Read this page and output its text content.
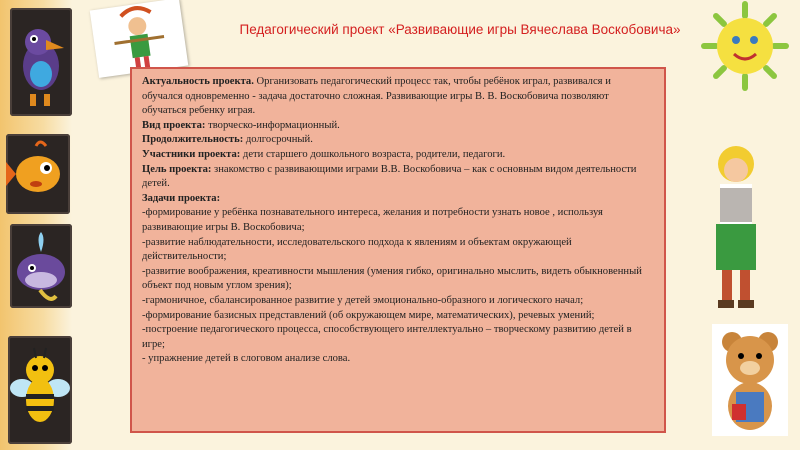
Педагогический проект «Развивающие игры Вячеслава Воскобовича»

Актуальность проекта. Организовать педагогический процесс так, чтобы ребёнок играл, развивался и обучался одновременно - задача достаточно сложная. Развивающие игры В. В. Воскобовича позволяют обучаться ребенку играя.

Вид проекта: творческо-информационный.

Продолжительность: долгосрочный.

Участники проекта: дети старшего дошкольного возраста, родители, педагоги.

Цель проекта: знакомство с развивающими играми В.В. Воскобовича – как с основным видом деятельности детей.

Задачи проекта:

-формирование у ребёнка познавательного интереса, желания и потребности узнать новое , используя развивающие игры В. Воскобовича;

-развитие наблюдательности, исследовательского подхода к явлениям и объектам окружающей действительности;

-развитие воображения, креативности мышления (умения гибко, оригинально мыслить, видеть обыкновенный объект под новым углом зрения);

-гармоничное, сбалансированное развитие у детей эмоционально-образного и логического начал;

-формирование базисных представлений (об окружающем мире, математических), речевых умений;

-построение педагогического процесса, способствующего интеллектуально – творческому развитию детей в игре;

- упражнение детей в слоговом анализе слова.
